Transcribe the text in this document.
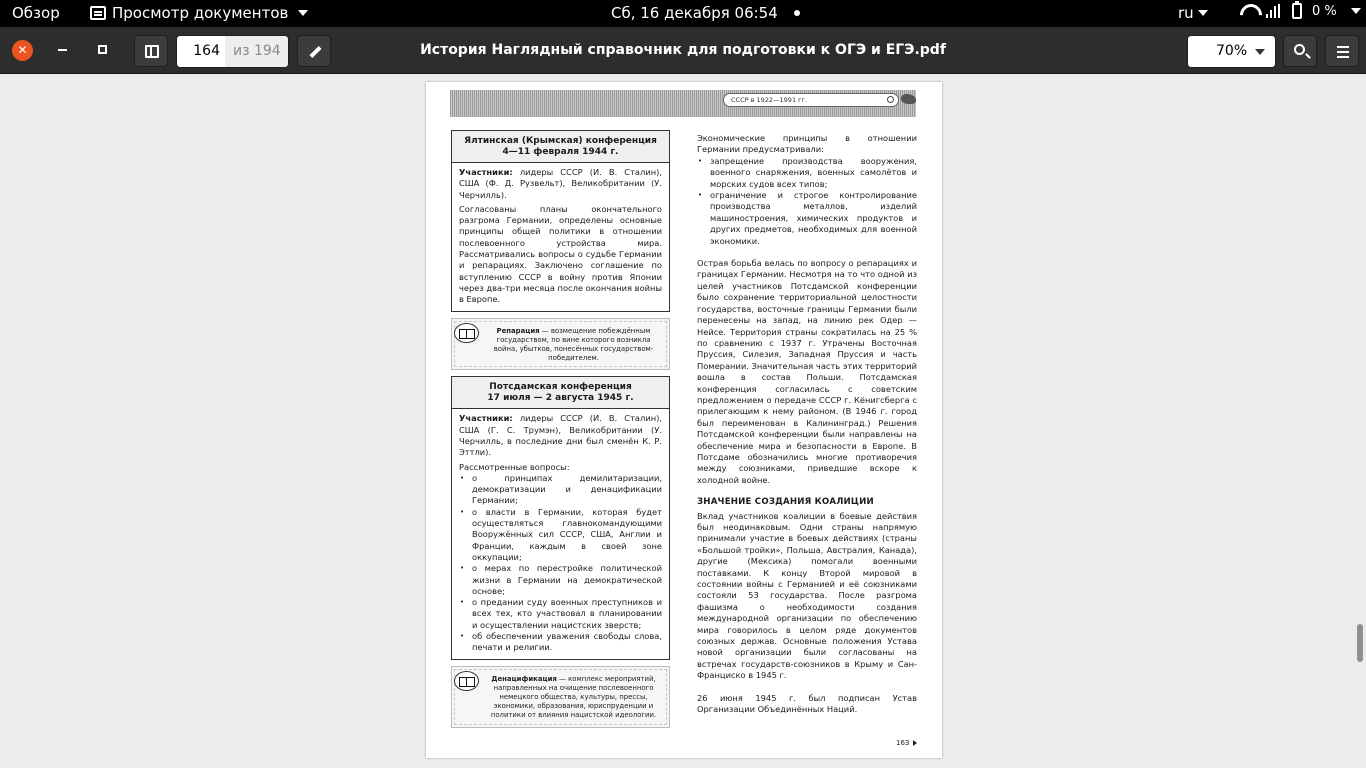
Обзор	Просмотр документов	Сб, 16 декабря 06:54	ru	0 %
✕	164 из 194	История Наглядный справочник для подготовки к ОГЭ и ЕГЭ.pdf	70%
СССР в 1922—1991 гг.
Ялтинская (Крымская) конференция
4—11 февраля 1944 г.

Участники: лидеры СССР (И. В. Сталин), США (Ф. Д. Рузвельт), Великобритании (У. Черчилль).

Согласованы планы окончательного разгрома Германии, определены основные принципы общей политики в отношении послевоенного устройства мира. Рассматривались вопросы о судьбе Германии и репарациях. Заключено соглашение по вступлению СССР в войну против Японии через два-три месяца после окончания войны в Европе.

Репарация — возмещение побеждённым государством, по вине которого возникла война, убытков, понесённых государством-победителем.
Потсдамская конференция
17 июля — 2 августа 1945 г.

Участники: лидеры СССР (И. В. Сталин), США (Г. С. Трумэн), Великобритании (У. Черчилль, в последние дни был сменён К. Р. Эттли).

Рассмотренные вопросы:

• о принципах демилитаризации, демократизации и денацификации Германии;
• о власти в Германии, которая будет осуществляться главнокомандующими Вооружённых сил СССР, США, Англии и Франции, каждым в своей зоне оккупации;
• о мерах по перестройке политической жизни в Германии на демократической основе;
• о предании суду военных преступников и всех тех, кто участвовал в планировании и осуществлении нацистских зверств;
• об обеспечении уважения свободы слова, печати и религии.
Денацификация — комплекс мероприятий, направленных на очищение послевоенного немецкого общества, культуры, прессы, экономики, образования, юриспруденции и политики от влияния нацистской идеологии.

Экономические принципы в отношении Германии предусматривали:

• запрещение производства вооружения, военного снаряжения, военных самолётов и морских судов всех типов;
• ограничение и строгое контролирование производства металлов, изделий машиностроения, химических продуктов и других предметов, необходимых для военной экономики.

Острая борьба велась по вопросу о репарациях и границах Германии. Несмотря на то что одной из целей участников Потсдамской конференции было сохранение территориальной целостности государства, восточные границы Германии были перенесены на запад, на линию рек Одер — Нейсе. Территория страны сократилась на 25 % по сравнению с 1937 г. Утрачены Восточная Пруссия, Силезия, Западная Пруссия и часть Померании. Значительная часть этих территорий вошла в состав Польши. Потсдамская конференция согласилась с советским предложением о передаче СССР г. Кёнигсберга с прилегающим к нему районом. (В 1946 г. город был переименован в Калининград.) Решения Потсдамской конференции были направлены на обеспечение мира и безопасности в Европе. В Потсдаме обозначились многие противоречия между союзниками, приведшие вскоре к холодной войне.

ЗНАЧЕНИЕ СОЗДАНИЯ КОАЛИЦИИ

Вклад участников коалиции в боевые действия был неодинаковым. Одни страны напрямую принимали участие в боевых действиях (страны «Большой тройки», Польша, Австралия, Канада), другие (Мексика) помогали военными поставками. К концу Второй мировой в состоянии войны с Германией и её союзниками состояли 53 государства. После разгрома фашизма о необходимости создания международной организации по обеспечению мира говорилось в целом ряде документов союзных держав. Основные положения Устава новой организации были согласованы на встречах государств-союзников в Крыму и Сан-Франциско в 1945 г.

26 июня 1945 г. был подписан Устав Организации Объединённых Наций.

163
